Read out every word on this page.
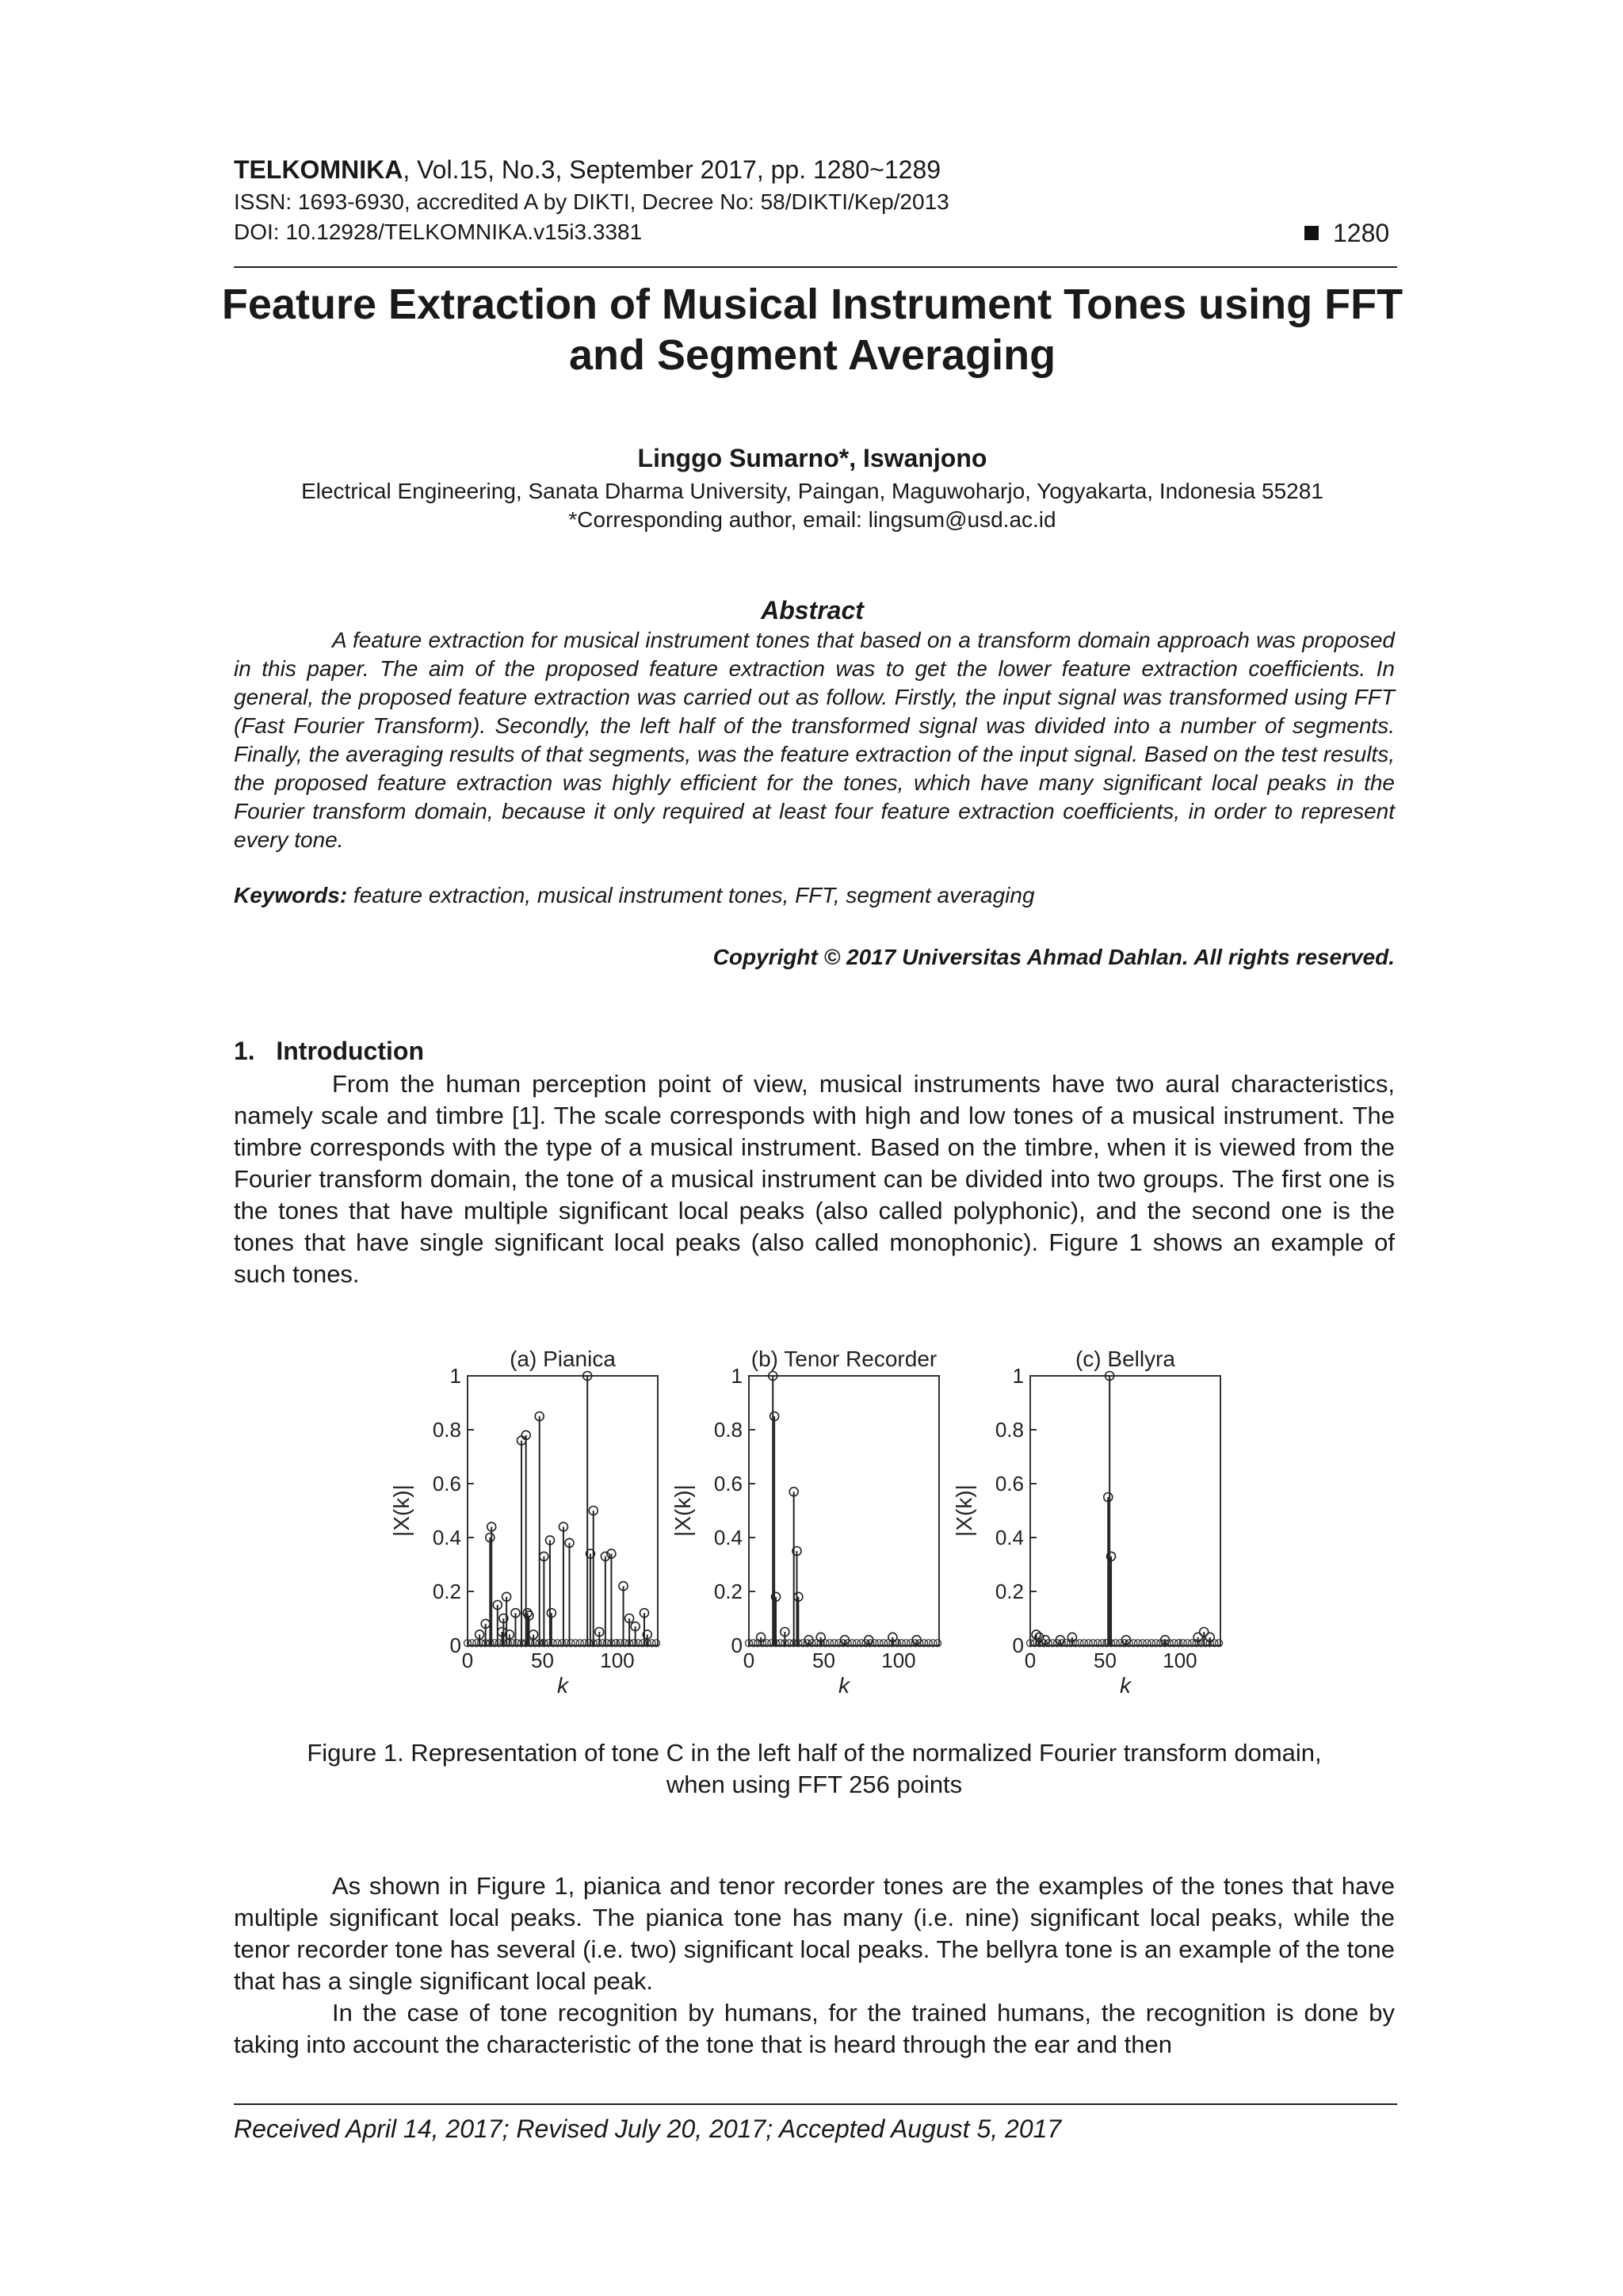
TELKOMNIKA, Vol.15, No.3, September 2017, pp. 1280~1289
ISSN: 1693-6930, accredited A by DIKTI, Decree No: 58/DIKTI/Kep/2013
DOI: 10.12928/TELKOMNIKA.v15i3.3381	1280
Feature Extraction of Musical Instrument Tones using FFT and Segment Averaging
Linggo Sumarno*, Iswanjono
Electrical Engineering, Sanata Dharma University, Paingan, Maguwoharjo, Yogyakarta, Indonesia 55281
*Corresponding author, email: lingsum@usd.ac.id
Abstract

A feature extraction for musical instrument tones that based on a transform domain approach was proposed in this paper. The aim of the proposed feature extraction was to get the lower feature extraction coefficients. In general, the proposed feature extraction was carried out as follow. Firstly, the input signal was transformed using FFT (Fast Fourier Transform). Secondly, the left half of the transformed signal was divided into a number of segments. Finally, the averaging results of that segments, was the feature extraction of the input signal. Based on the test results, the proposed feature extraction was highly efficient for the tones, which have many significant local peaks in the Fourier transform domain, because it only required at least four feature extraction coefficients, in order to represent every tone.

Keywords: feature extraction, musical instrument tones, FFT, segment averaging
Copyright © 2017 Universitas Ahmad Dahlan. All rights reserved.
1.   Introduction

From the human perception point of view, musical instruments have two aural characteristics, namely scale and timbre [1]. The scale corresponds with high and low tones of a musical instrument. The timbre corresponds with the type of a musical instrument. Based on the timbre, when it is viewed from the Fourier transform domain, the tone of a musical instrument can be divided into two groups. The first one is the tones that have multiple significant local peaks (also called polyphonic), and the second one is the tones that have single significant local peaks (also called monophonic). Figure 1 shows an example of such tones.

(a) Pianica
0
0.2
0.4
0.6
0.8
1
0	50 100
k
|X(k)|
(b) Tenor Recorder
0
0.2
0.4
0.6
0.8
1
0	50 100
k
|X(k)|
(c) Bellyra
0
0.2
0.4
0.6
0.8
1
0	50 100
k
|X(k)|
Figure 1. Representation of tone C in the left half of the normalized Fourier transform domain,
when using FFT 256 points

As shown in Figure 1, pianica and tenor recorder tones are the examples of the tones that have multiple significant local peaks. The pianica tone has many (i.e. nine) significant local peaks, while the tenor recorder tone has several (i.e. two) significant local peaks. The bellyra tone is an example of the tone that has a single significant local peak.

In the case of tone recognition by humans, for the trained humans, the recognition is done by taking into account the characteristic of the tone that is heard through the ear and then

Received April 14, 2017; Revised July 20, 2017; Accepted August 5, 2017
